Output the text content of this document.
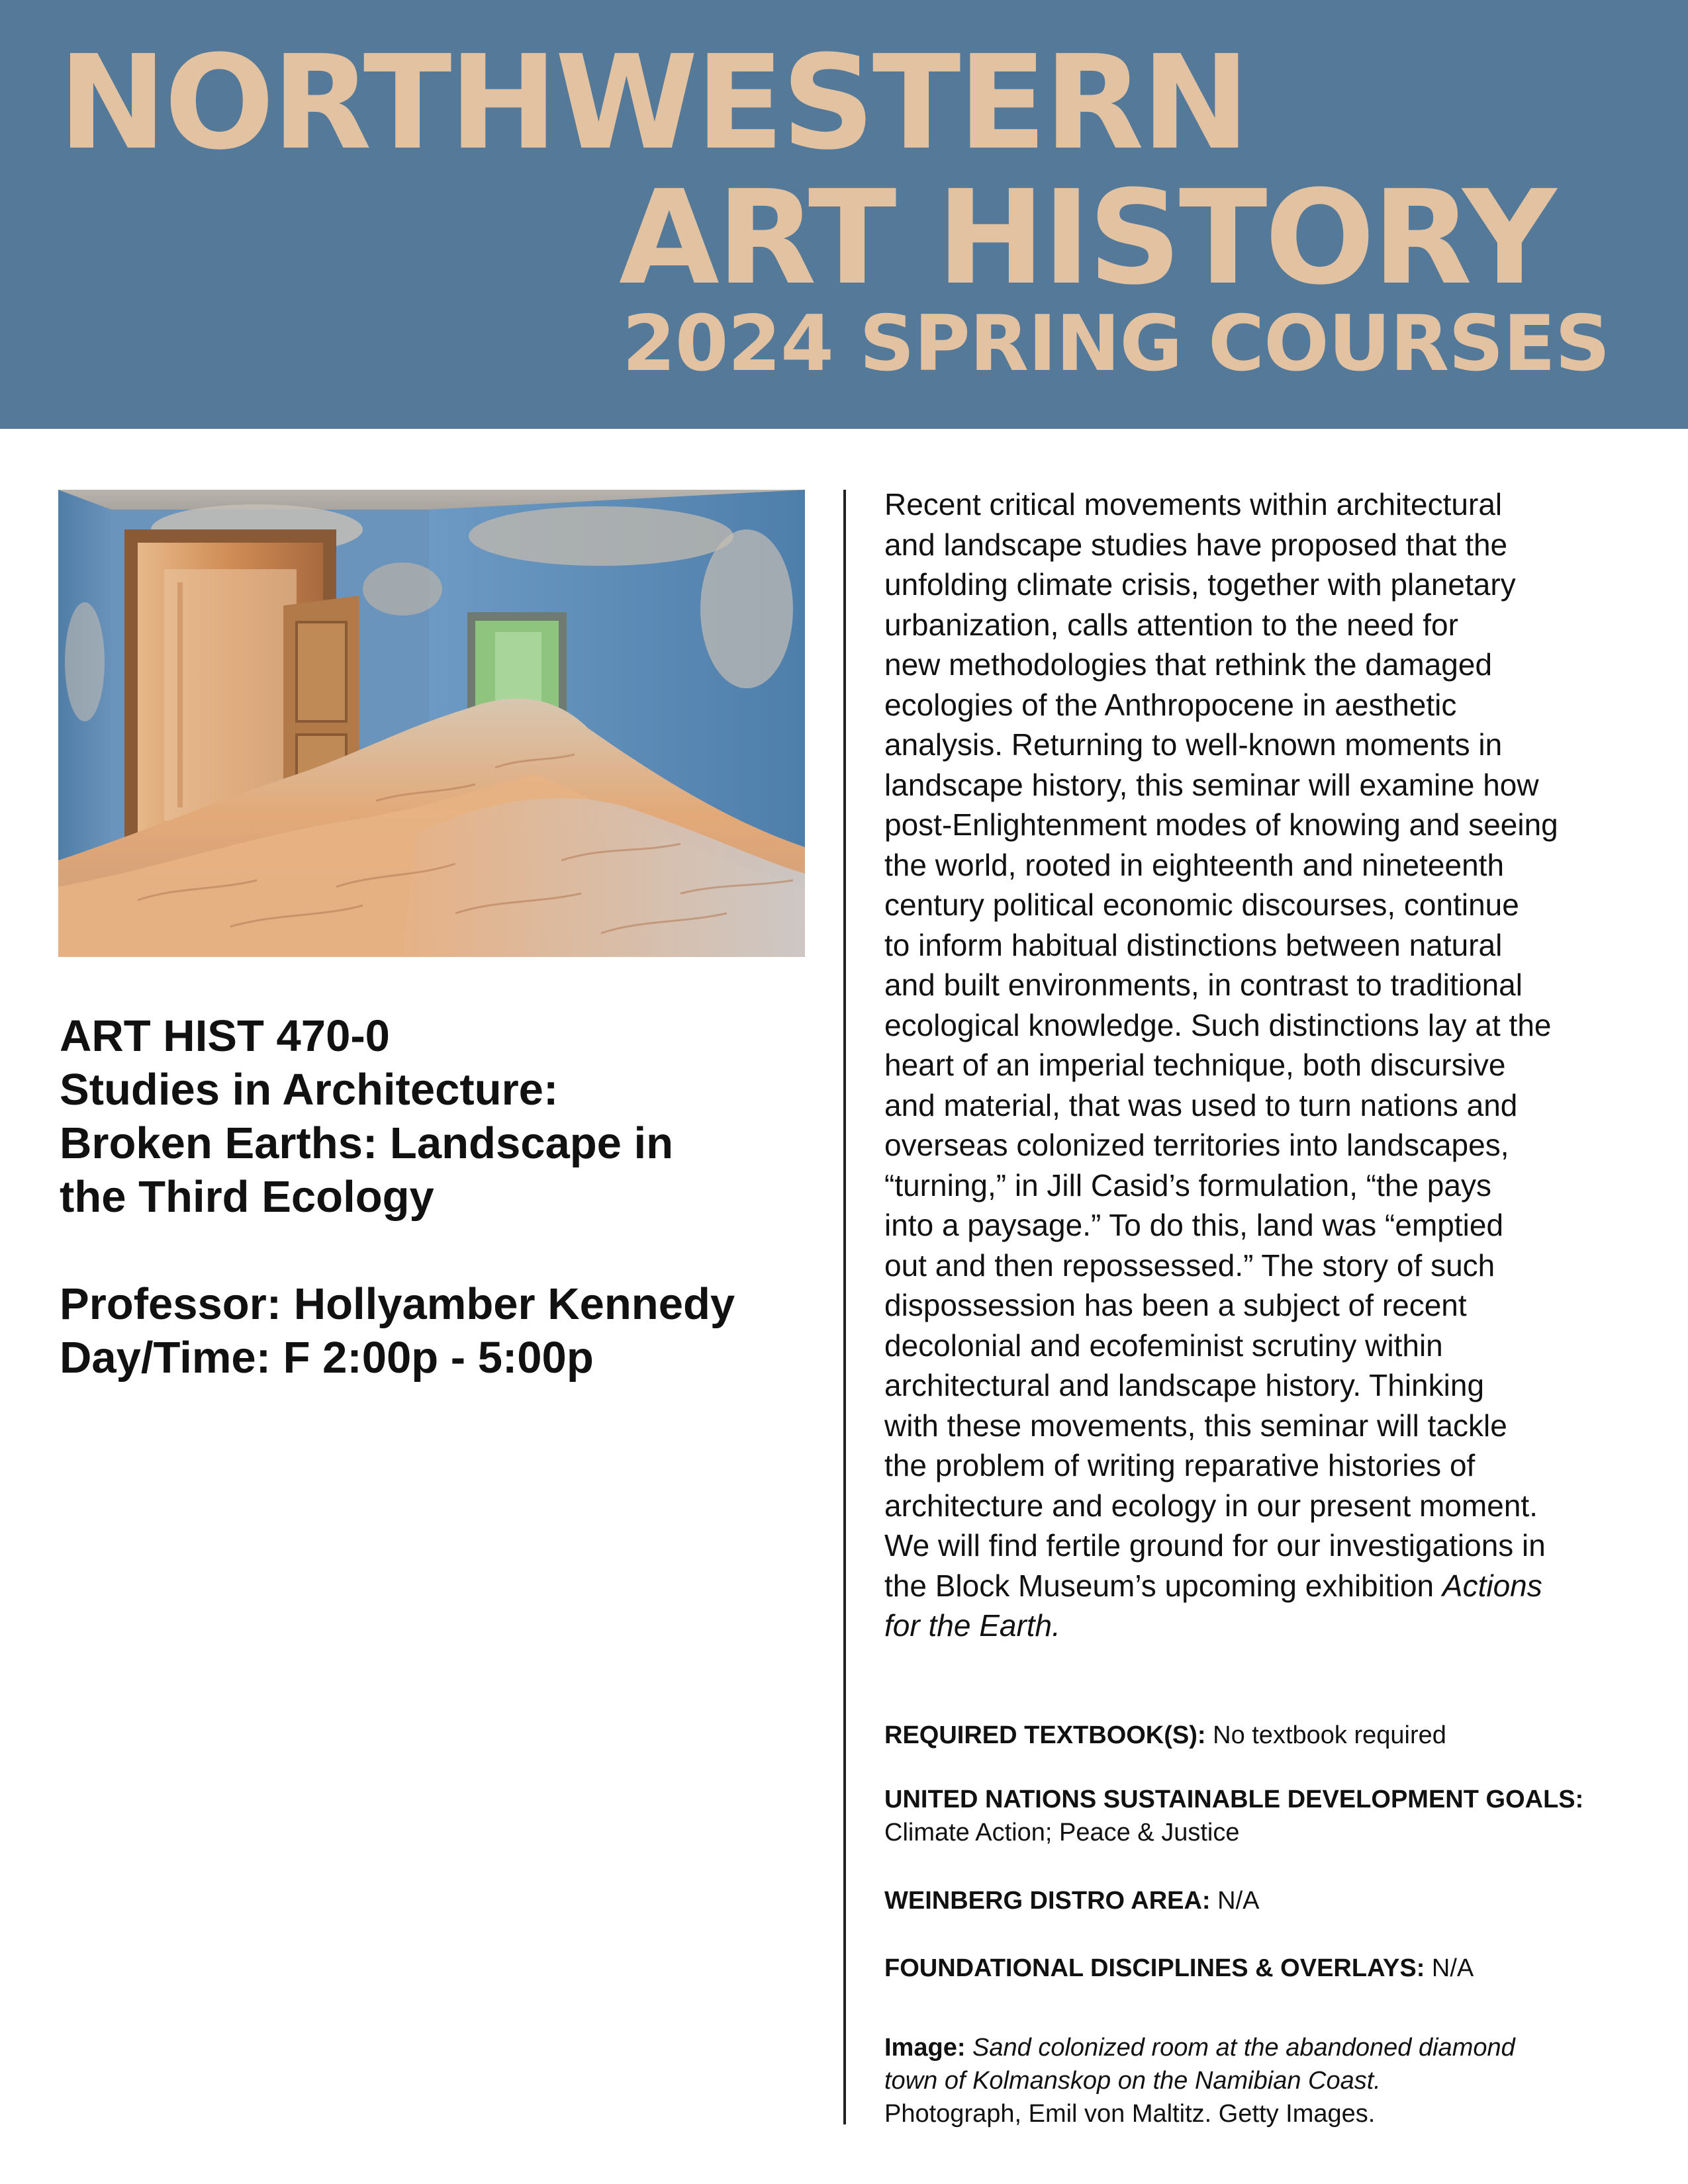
NORTHWESTERN
ART HISTORY
2024 SPRING COURSES
ART HIST 470-0
Studies in Architecture:
Broken Earths: Landscape in
the Third Ecology
Professor: Hollyamber Kennedy
Day/Time: F 2:00p - 5:00p
Recent critical movements within architectural
and landscape studies have proposed that the
unfolding climate crisis, together with planetary
urbanization, calls attention to the need for
new methodologies that rethink the damaged
ecologies of the Anthropocene in aesthetic
analysis. Returning to well-known moments in
landscape history, this seminar will examine how
post-Enlightenment modes of knowing and seeing
the world, rooted in eighteenth and nineteenth
century political economic discourses, continue
to inform habitual distinctions between natural
and built environments, in contrast to traditional
ecological knowledge. Such distinctions lay at the
heart of an imperial technique, both discursive
and material, that was used to turn nations and
overseas colonized territories into landscapes,
“turning,” in Jill Casid’s formulation, “the pays
into a paysage.” To do this, land was “emptied
out and then repossessed.” The story of such
dispossession has been a subject of recent
decolonial and ecofeminist scrutiny within
architectural and landscape history. Thinking
with these movements, this seminar will tackle
the problem of writing reparative histories of
architecture and ecology in our present moment.
We will find fertile ground for our investigations in
the Block Museum’s upcoming exhibition Actions
for the Earth.
REQUIRED TEXTBOOK(S): No textbook required
UNITED NATIONS SUSTAINABLE DEVELOPMENT GOALS:
Climate Action; Peace & Justice
WEINBERG DISTRO AREA: N/A
FOUNDATIONAL DISCIPLINES & OVERLAYS: N/A
Image: Sand colonized room at the abandoned diamond
town of Kolmanskop on the Namibian Coast.
Photograph, Emil von Maltitz. Getty Images.
